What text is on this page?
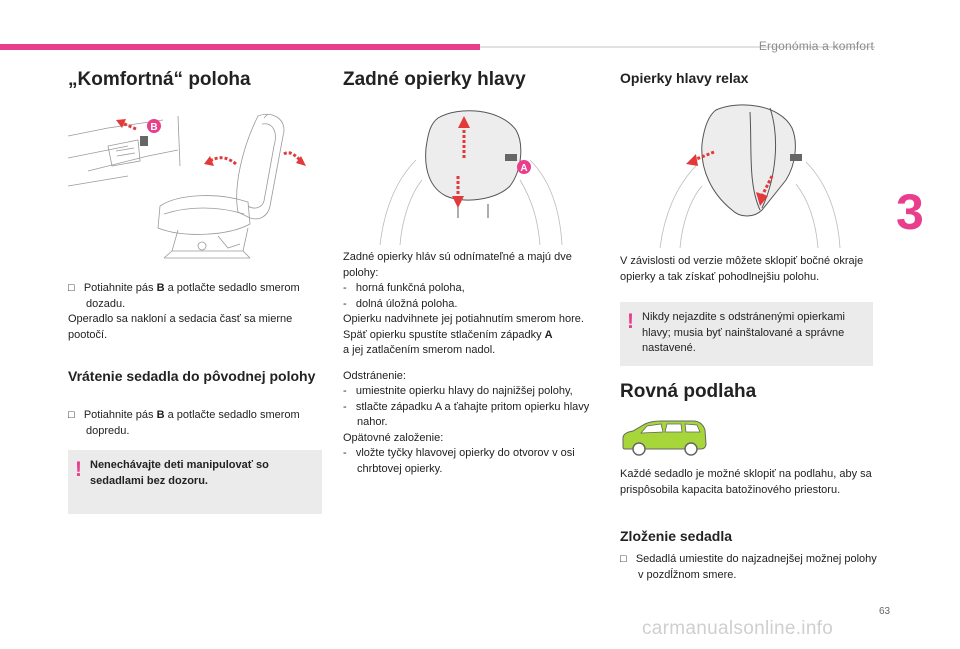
Ergonómia a komfort
3
„Komfortná“ poloha
B

□ Potiahnite pás B a potlačte sedadlo smerom dozadu.

Operadlo sa nakloní a sedacia časť sa mierne pootočí.

Vrátenie sedadla do pôvodnej polohy

□ Potiahnite pás B a potlačte sedadlo smerom dopredu.

! Nenechávajte deti manipulovať so sedadlami bez dozoru.
Zadné opierky hlavy
A

Zadné opierky hláv sú odnímateľné a majú dve polohy:

-   horná funkčná poloha,

-   dolná úložná poloha.

Opierku nadvihnete jej potiahnutím smerom hore.

Späť opierku spustíte stlačením západky A
a jej zatlačením smerom nadol.

Odstránenie:

-   umiestnite opierku hlavy do najnižšej polohy,

-   stlačte západku A a ťahajte pritom opierku hlavy nahor.

Opätovné založenie:

-   vložte tyčky hlavovej opierky do otvorov v osi chrbtovej opierky.

Opierky hlavy relax
V závislosti od verzie môžete sklopiť bočné okraje opierky a tak získať pohodlnejšiu polohu.
! Nikdy nejazdite s odstránenými opierkami hlavy; musia byť nainštalované a správne nastavené.
Rovná podlaha
Každé sedadlo je možné sklopiť na podlahu, aby sa prispôsobila kapacita batožinového priestoru.
Zloženie sedadla

□ Sedadlá umiestite do najzadnejšej možnej polohy v pozdĺžnom smere.

63
carmanualsonline.info
